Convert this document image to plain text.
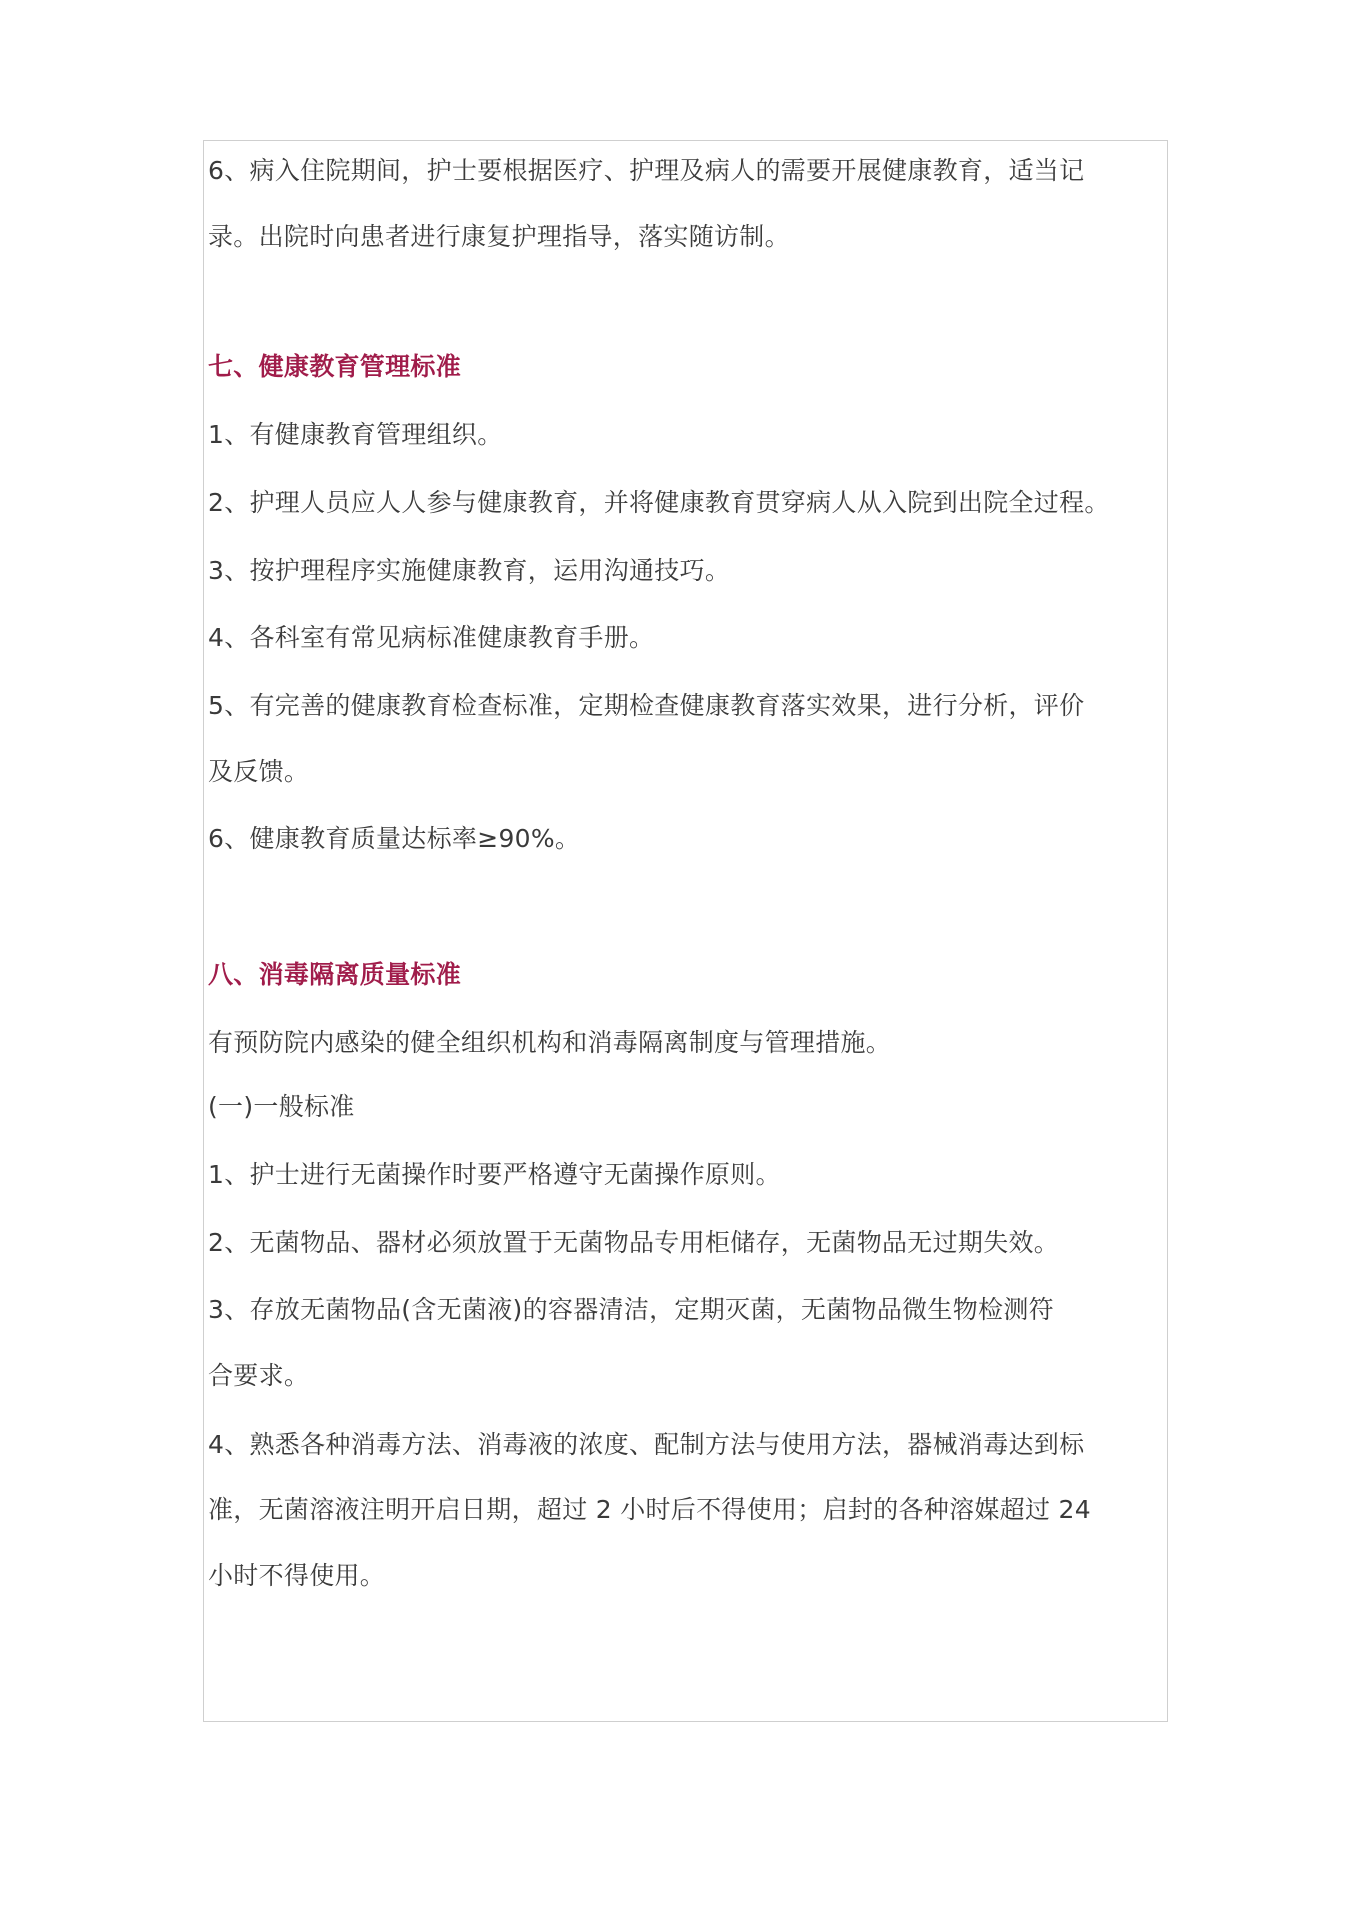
6、病入住院期间，护士要根据医疗、护理及病人的需要开展健康教育，适当记
录。出院时向患者进行康复护理指导，落实随访制。
七、健康教育管理标准
1、有健康教育管理组织。
2、护理人员应人人参与健康教育，并将健康教育贯穿病人从入院到出院全过程。
3、按护理程序实施健康教育，运用沟通技巧。
4、各科室有常见病标准健康教育手册。
5、有完善的健康教育检查标准，定期检查健康教育落实效果，进行分析，评价
及反馈。
6、健康教育质量达标率≥90%。
八、消毒隔离质量标准
有预防院内感染的健全组织机构和消毒隔离制度与管理措施。
(一)一般标准
1、护士进行无菌操作时要严格遵守无菌操作原则。
2、无菌物品、器材必须放置于无菌物品专用柜储存，无菌物品无过期失效。
3、存放无菌物品(含无菌液)的容器清洁，定期灭菌，无菌物品微生物检测符
合要求。
4、熟悉各种消毒方法、消毒液的浓度、配制方法与使用方法，器械消毒达到标
准，无菌溶液注明开启日期，超过 2 小时后不得使用；启封的各种溶媒超过 24
小时不得使用。
